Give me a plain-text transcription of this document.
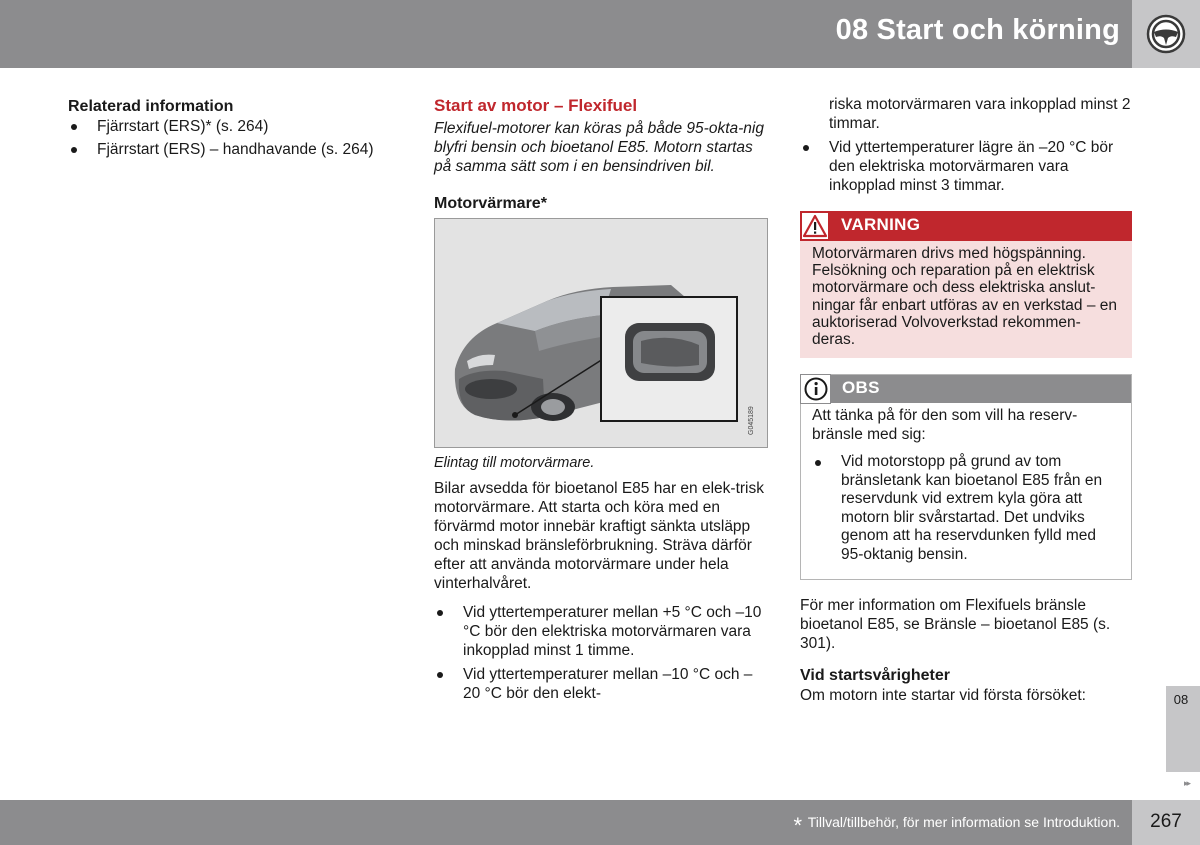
08 Start och körning
Relaterad information
Fjärrstart (ERS)* (s. 264)
Fjärrstart (ERS) – handhavande (s. 264)
Start av motor – Flexifuel
Flexifuel-motorer kan köras på både 95-okta-nig blyfri bensin och bioetanol E85. Motorn startas på samma sätt som i en bensindriven bil.
Motorvärmare*
G045189
Elintag till motorvärmare.
Bilar avsedda för bioetanol E85 har en elek-trisk motorvärmare. Att starta och köra med en förvärmd motor innebär kraftigt sänkta utsläpp och minskad bränsleförbrukning. Sträva därför efter att använda motorvärmare under hela vinterhalvåret.
Vid yttertemperaturer mellan +5 °C och –10 °C bör den elektriska motorvärmaren vara inkopplad minst 1 timme.
Vid yttertemperaturer mellan –10 °C och –20 °C bör den elekt-
riska motorvärmaren vara inkopplad minst 2 timmar.
Vid yttertemperaturer lägre än –20 °C bör den elektriska motorvärmaren vara inkopplad minst 3 timmar.
VARNING
Motorvärmaren drivs med högspänning. Felsökning och reparation på en elektrisk motorvärmare och dess elektriska anslut-ningar får enbart utföras av en verkstad – en auktoriserad Volvoverkstad rekommen-deras.
OBS
Att tänka på för den som vill ha reserv-bränsle med sig:
Vid motorstopp på grund av tom bränsletank kan bioetanol E85 från en reservdunk vid extrem kyla göra att motorn blir svårstartad. Det undviks genom att ha reservdunken fylld med 95-oktanig bensin.
För mer information om Flexifuels bränsle bioetanol E85, se Bränsle – bioetanol E85 (s. 301).
Vid startsvårigheter
Om motorn inte startar vid första försöket:	08
▸▸
* Tillval/tillbehör, för mer information se Introduktion.	267
